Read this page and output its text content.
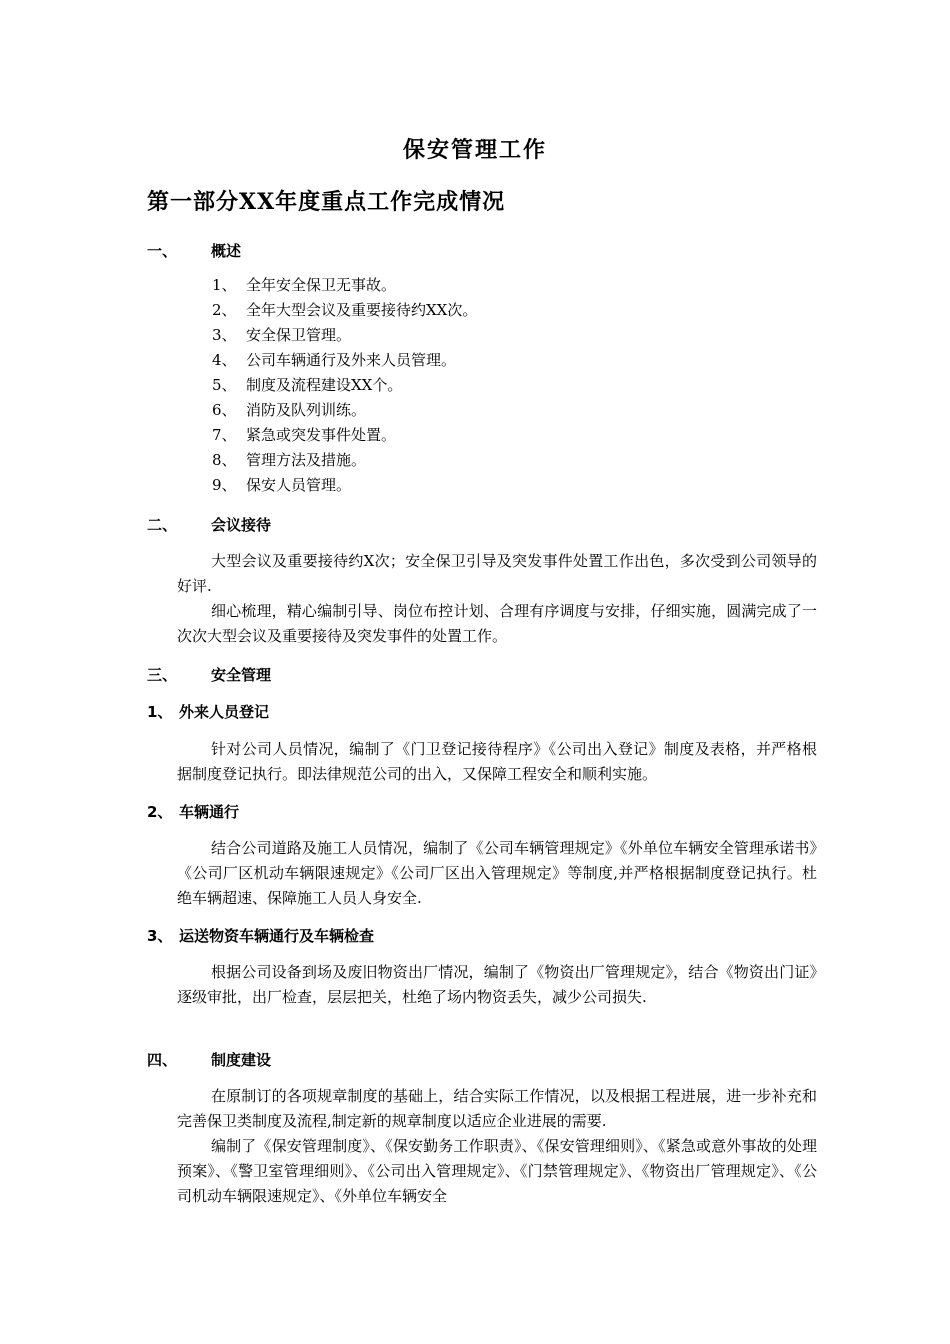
保安管理工作
第一部分XX年度重点工作完成情况
一、 概述
1、 全年安全保卫无事故。
2、 全年大型会议及重要接待约XX次。
3、 安全保卫管理。
4、 公司车辆通行及外来人员管理。
5、 制度及流程建设XX个。
6、 消防及队列训练。
7、 紧急或突发事件处置。
8、 管理方法及措施。
9、 保安人员管理。
二、 会议接待

大型会议及重要接待约X次；安全保卫引导及突发事件处置工作出色，多次受到公司领导的好评.

细心梳理，精心编制引导、岗位布控计划、合理有序调度与安排，仔细实施，圆满完成了一次次大型会议及重要接待及突发事件的处置工作。

三、 安全管理
1、 外来人员登记

针对公司人员情况，编制了《门卫登记接待程序》《公司出入登记》制度及表格，并严格根据制度登记执行。即法律规范公司的出入，又保障工程安全和顺利实施。

2、 车辆通行

结合公司道路及施工人员情况，编制了《公司车辆管理规定》《外单位车辆安全管理承诺书》《公司厂区机动车辆限速规定》《公司厂区出入管理规定》等制度,并严格根据制度登记执行。杜绝车辆超速、保障施工人员人身安全.

3、 运送物资车辆通行及车辆检查

根据公司设备到场及废旧物资出厂情况，编制了《物资出厂管理规定》，结合《物资出门证》逐级审批，出厂检查，层层把关，杜绝了场内物资丢失，减少公司损失.

四、 制度建设

在原制订的各项规章制度的基础上，结合实际工作情况，以及根据工程进展，进一步补充和完善保卫类制度及流程,制定新的规章制度以适应企业进展的需要.

编制了《保安管理制度》、《保安勤务工作职责》、《保安管理细则》、《紧急或意外事故的处理预案》、《警卫室管理细则》、《公司出入管理规定》、《门禁管理规定》、《物资出厂管理规定》、《公司机动车辆限速规定》、《外单位车辆安全
